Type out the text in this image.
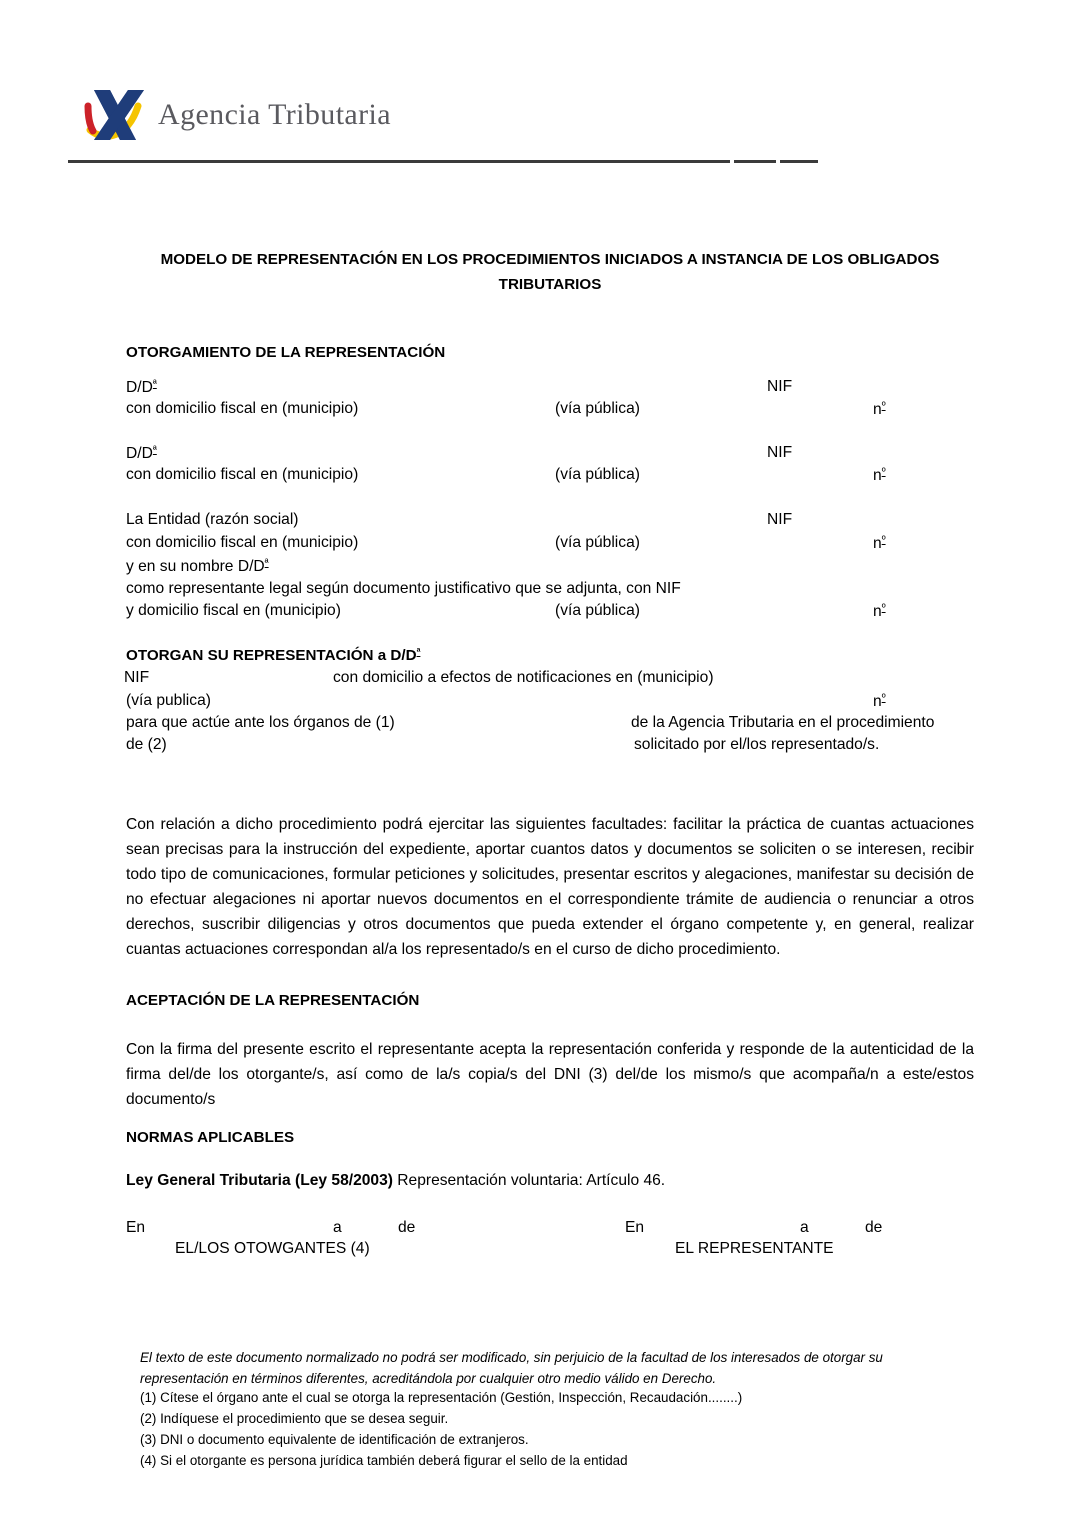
Agencia Tributaria
MODELO DE REPRESENTACIÓN EN LOS PROCEDIMIENTOS INICIADOS A INSTANCIA DE LOS OBLIGADOS
TRIBUTARIOS
OTORGAMIENTO DE LA REPRESENTACIÓN
$D/D^ª$	NIF
con domicilio fiscal en (municipio)	(vía pública)	$n^º$
$D/D^ª$	NIF
con domicilio fiscal en (municipio)	(vía pública)	$n^º$
La Entidad (razón social)	NIF
con domicilio fiscal en (municipio)	(vía pública)	$n^º$
y en su nombre $D/D^ª$
como representante legal según documento justificativo que se adjunta, con NIF
y domicilio fiscal en (municipio)	(vía pública)	$n^º$
OTORGAN SU REPRESENTACIÓN a $D/D^ª$
NIF	con domicilio a efectos de notificaciones en (municipio)
(vía publica)	$n^º$
para que actúe ante los órganos de (1)	de la Agencia Tributaria en el procedimiento
de (2)	solicitado por el/los representado/s.
Con relación a dicho procedimiento podrá ejercitar las siguientes facultades: facilitar la práctica de cuantas actuaciones sean precisas para la instrucción del expediente, aportar cuantos datos y documentos se soliciten o se interesen, recibir todo tipo de comunicaciones, formular peticiones y solicitudes, presentar escritos y alegaciones, manifestar su decisión de no efectuar alegaciones ni aportar nuevos documentos en el correspondiente trámite de audiencia o renunciar a otros derechos, suscribir diligencias y otros documentos que pueda extender el órgano competente y, en general, realizar cuantas actuaciones correspondan al/a los representado/s en el curso de dicho procedimiento.
ACEPTACIÓN DE LA REPRESENTACIÓN
Con la firma del presente escrito el representante acepta la representación conferida y responde de la autenticidad de la firma del/de los otorgante/s, así como de la/s copia/s del DNI (3) del/de los mismo/s que acompaña/n a este/estos documento/s
NORMAS APLICABLES
Ley General Tributaria (Ley 58/2003) Representación voluntaria: Artículo 46.
En	a	de	En	a	de
EL/LOS OTOWGANTES (4)	EL REPRESENTANTE
El texto de este documento normalizado no podrá ser modificado, sin perjuicio de la facultad de los interesados de otorgar su representación en términos diferentes, acreditándola por cualquier otro medio válido en Derecho.
(1) Cítese el órgano ante el cual se otorga la representación (Gestión, Inspección, Recaudación........)
(2) Indíquese el procedimiento que se desea seguir.
(3) DNI o documento equivalente de identificación de extranjeros.
(4) Si el otorgante es persona jurídica también deberá figurar el sello de la entidad
